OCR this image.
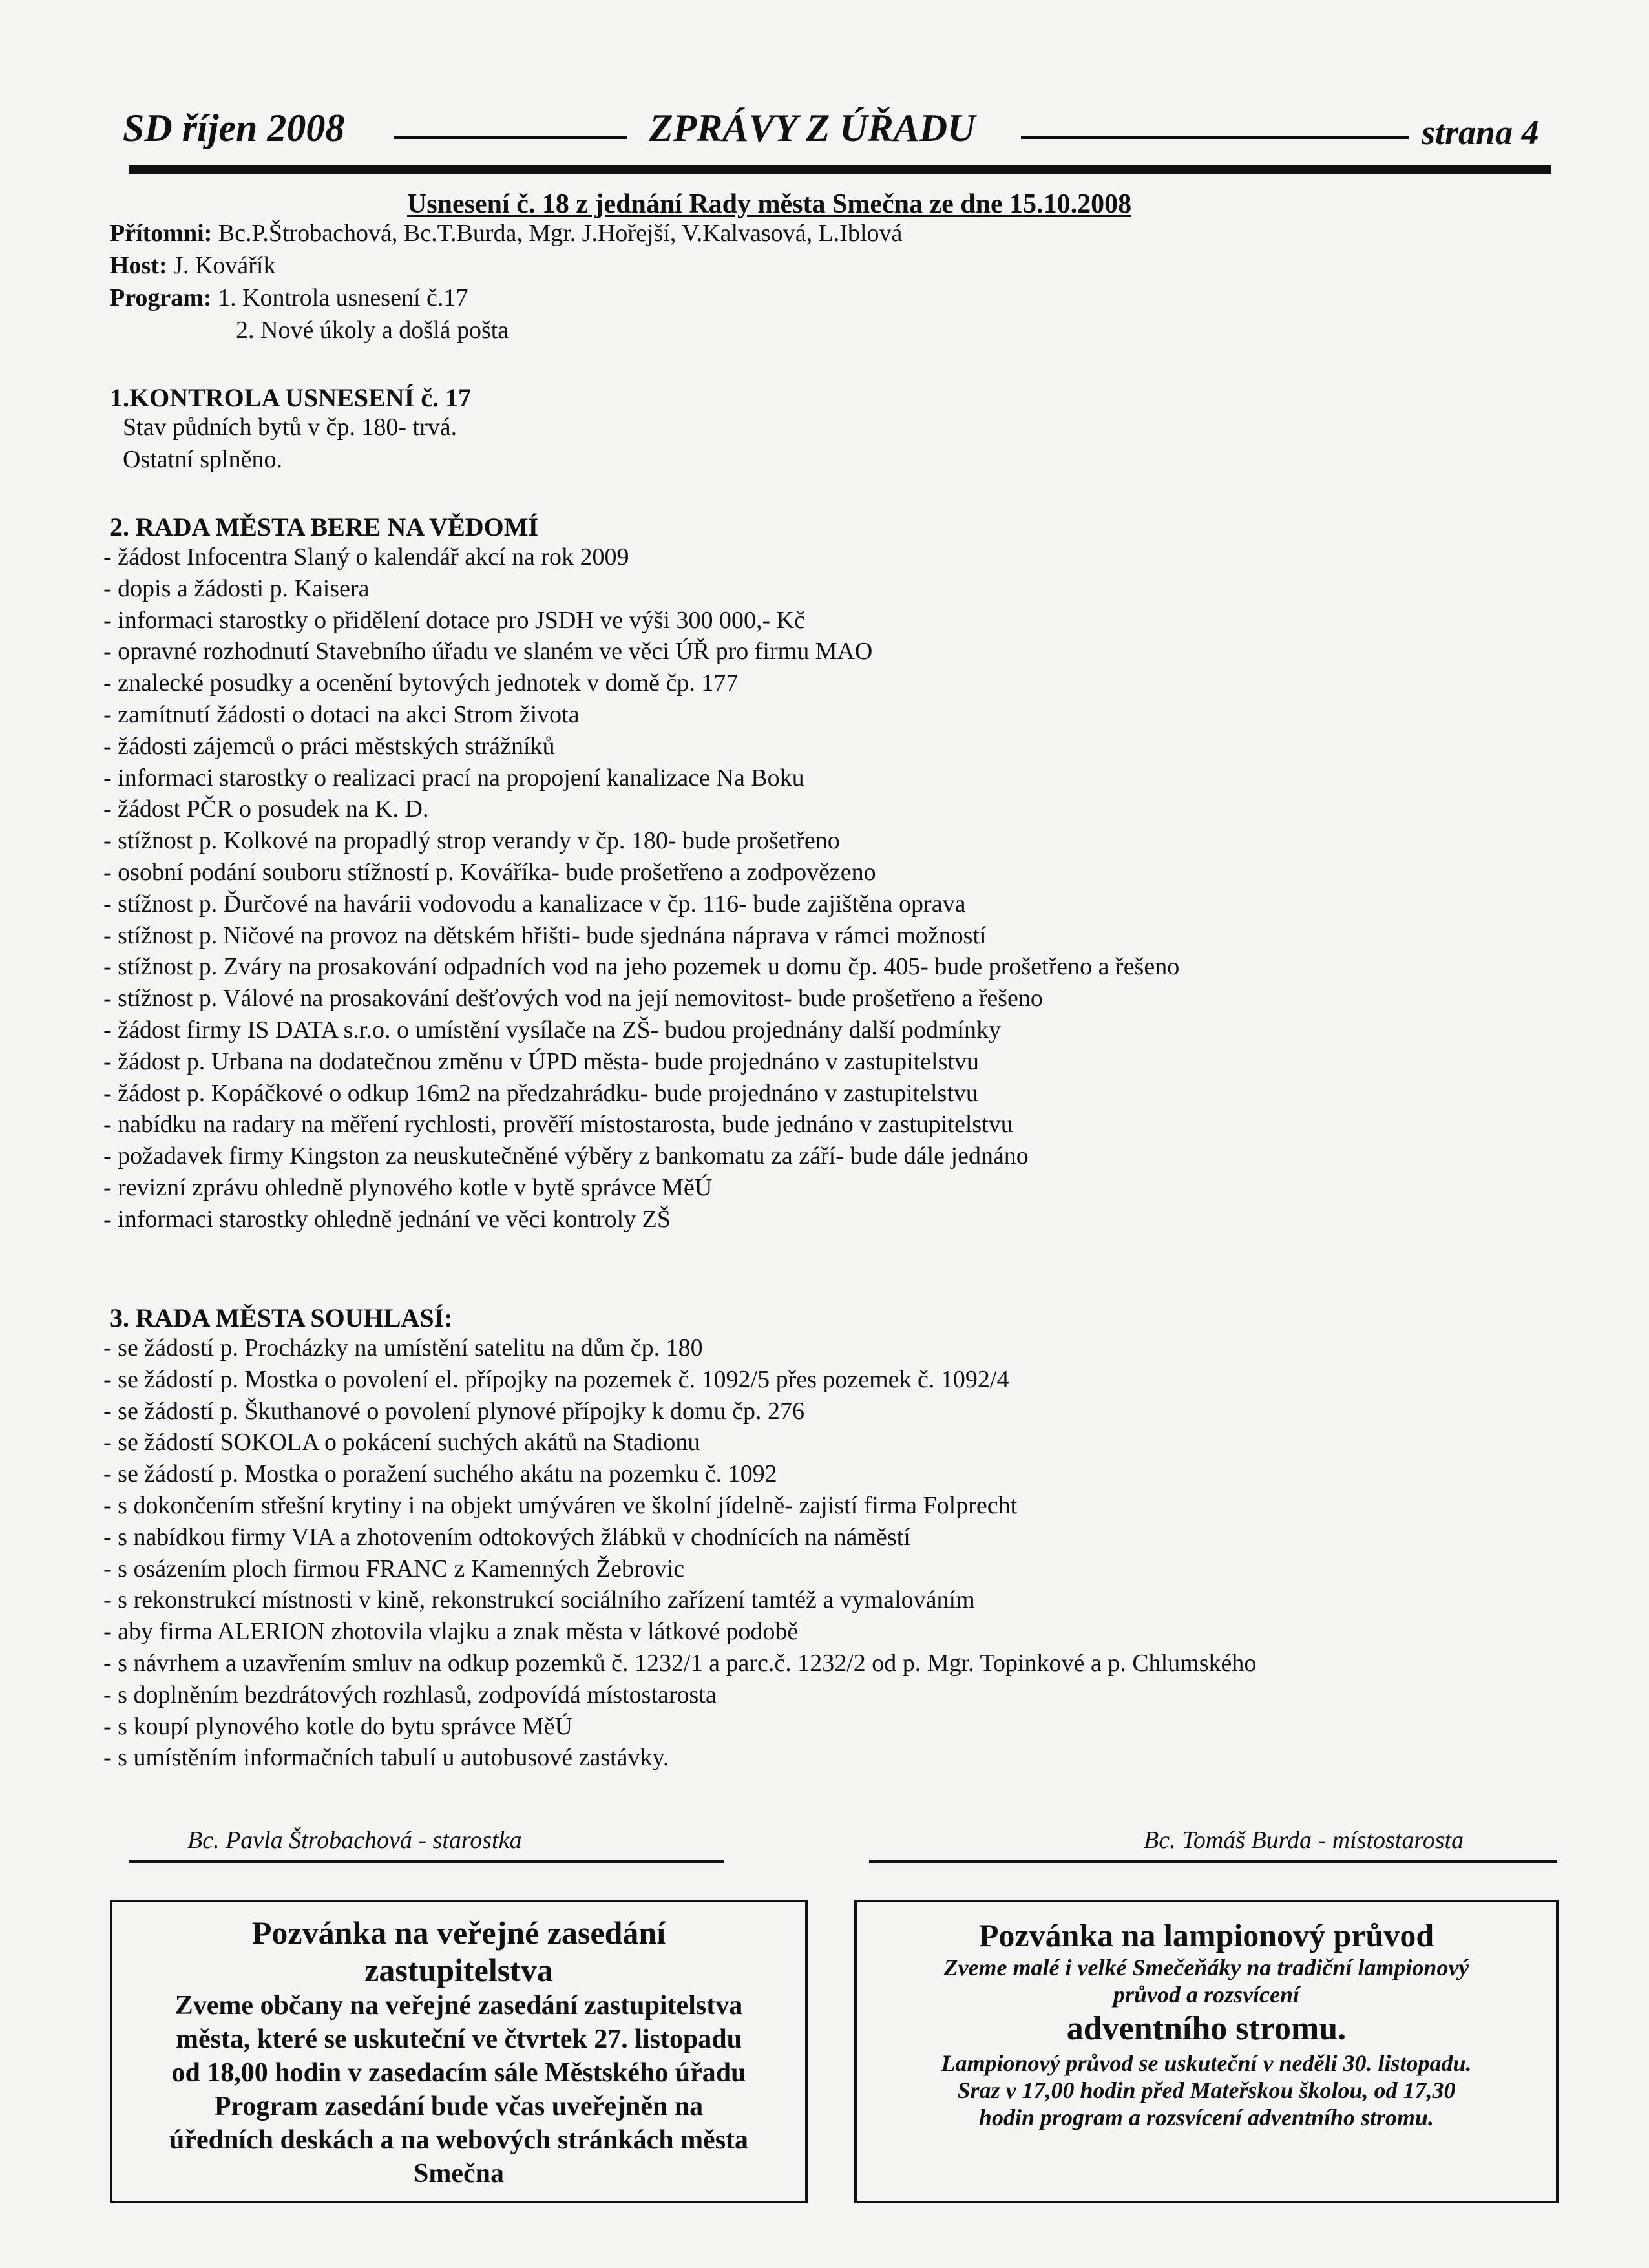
SD říjen 2008	ZPRÁVY Z ÚŘADU	strana 4
Usnesení č. 18 z jednání Rady města Smečna ze dne 15.10.2008
Přítomni: Bc.P.Štrobachová, Bc.T.Burda, Mgr. J.Hořejší, V.Kalvasová, L.Iblová
Host: J. Kovářík
Program: 1. Kontrola usnesení č.17
2. Nové úkoly a došlá pošta
1.KONTROLA USNESENÍ č. 17
Stav půdních bytů v čp. 180- trvá.
Ostatní splněno.
2. RADA MĚSTA BERE NA VĚDOMÍ
- žádost Infocentra Slaný o kalendář akcí na rok 2009
- dopis a žádosti p. Kaisera
- informaci starostky o přidělení dotace pro JSDH ve výši 300 000,- Kč
- opravné rozhodnutí Stavebního úřadu ve slaném ve věci ÚŘ pro firmu MAO
- znalecké posudky a ocenění bytových jednotek v domě čp. 177
- zamítnutí žádosti o dotaci na akci Strom života
- žádosti zájemců o práci městských strážníků
- informaci starostky o realizaci prací na propojení kanalizace Na Boku
- žádost PČR o posudek na K. D.
- stížnost p. Kolkové na propadlý strop verandy v čp. 180- bude prošetřeno
- osobní podání souboru stížností p. Kováříka- bude prošetřeno a zodpovězeno
- stížnost p. Ďurčové na havárii vodovodu a kanalizace v čp. 116- bude zajištěna oprava
- stížnost p. Ničové na provoz na dětském hřišti- bude sjednána náprava v rámci možností
- stížnost p. Zváry na prosakování odpadních vod na jeho pozemek u domu čp. 405- bude prošetřeno a řešeno
- stížnost p. Válové na prosakování dešťových vod na její nemovitost- bude prošetřeno a řešeno
- žádost firmy IS DATA s.r.o. o umístění vysílače na ZŠ- budou projednány další podmínky
- žádost p. Urbana na dodatečnou změnu v ÚPD města- bude projednáno v zastupitelstvu
- žádost p. Kopáčkové o odkup 16m2 na předzahrádku- bude projednáno v zastupitelstvu
- nabídku na radary na měření rychlosti, prověří místostarosta, bude jednáno v zastupitelstvu
- požadavek firmy Kingston za neuskutečněné výběry z bankomatu za září- bude dále jednáno
- revizní zprávu ohledně plynového kotle v bytě správce MěÚ
- informaci starostky ohledně jednání ve věci kontroly ZŠ
3. RADA MĚSTA SOUHLASÍ:
- se žádostí p. Procházky na umístění satelitu na dům čp. 180
- se žádostí p. Mostka o povolení el. přípojky na pozemek č. 1092/5 přes pozemek č. 1092/4
- se žádostí p. Škuthanové o povolení plynové přípojky k domu čp. 276
- se žádostí SOKOLA o pokácení suchých akátů na Stadionu
- se žádostí p. Mostka o poražení suchého akátu na pozemku č. 1092
- s dokončením střešní krytiny i na objekt umýváren ve školní jídelně- zajistí firma Folprecht
- s nabídkou firmy VIA a zhotovením odtokových žlábků v chodnících na náměstí
- s osázením ploch firmou FRANC z Kamenných Žebrovic
- s rekonstrukcí místnosti v kině, rekonstrukcí sociálního zařízení tamtéž a vymalováním
- aby firma ALERION zhotovila vlajku a znak města v látkové podobě
- s návrhem a uzavřením smluv na odkup pozemků č. 1232/1 a parc.č. 1232/2 od p. Mgr. Topinkové a p. Chlumského
- s doplněním bezdrátových rozhlasů, zodpovídá místostarosta
- s koupí plynového kotle do bytu správce MěÚ
- s umístěním informačních tabulí u autobusové zastávky.
Bc. Pavla Štrobachová - starostka	Bc. Tomáš Burda - místostarosta
Pozvánka na veřejné zasedání
zastupitelstva
Zveme občany na veřejné zasedání zastupitelstva
města, které se uskuteční ve čtvrtek 27. listopadu
od 18,00 hodin v zasedacím sále Městského úřadu
Program zasedání bude včas uveřejněn na
úředních deskách a na webových stránkách města
Smečna
Pozvánka na lampionový průvod
Zveme malé i velké Smečeňáky na tradiční lampionový
průvod a rozsvícení
adventního stromu.
Lampionový průvod se uskuteční v neděli 30. listopadu.
Sraz v 17,00 hodin před Mateřskou školou, od 17,30
hodin program a rozsvícení adventního stromu.
